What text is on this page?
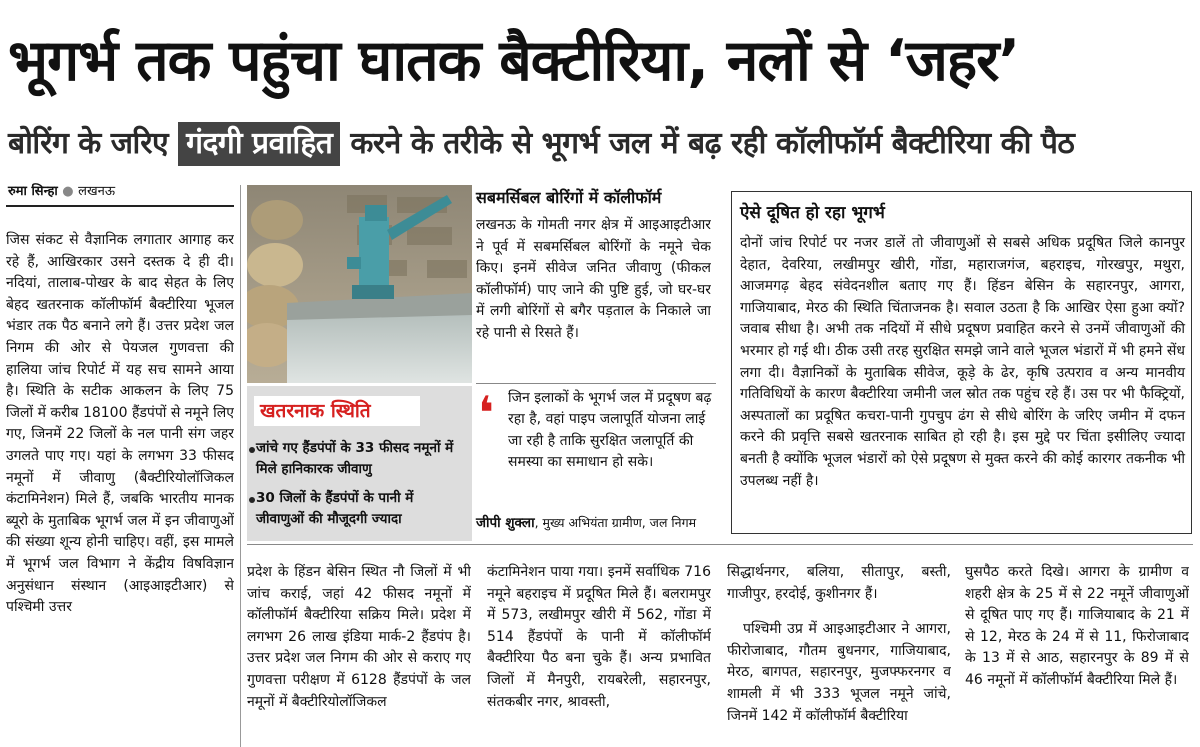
भूगर्भ तक पहुंचा घातक बैक्टीरिया, नलों से ‘जहर’
बोरिंग के जरिए गंदगी प्रवाहित करने के तरीके से भूगर्भ जल में बढ़ रही कॉलीफॉर्म बैक्टीरिया की पैठ
रुमा सिन्हा ● लखनऊ

जिस संकट से वैज्ञानिक लगातार आगाह कर रहे हैं, आखिरकार उसने दस्तक दे ही दी। नदियां, तालाब-पोखर के बाद सेहत के लिए बेहद खतरनाक कॉलीफॉर्म बैक्टीरिया भूजल भंडार तक पैठ बनाने लगे हैं। उत्तर प्रदेश जल निगम की ओर से पेयजल गुणवत्ता की हालिया जांच रिपोर्ट में यह सच सामने आया है। स्थिति के सटीक आकलन के लिए 75 जिलों में करीब 18100 हैंडपंपों से नमूने लिए गए, जिनमें 22 जिलों के नल पानी संग जहर उगलते पाए गए। यहां के लगभग 33 फीसद नमूनों में जीवाणु (बैक्टीरियोलॉजिकल कंटामिनेशन) मिले हैं, जबकि भारतीय मानक ब्यूरो के मुताबिक भूगर्भ जल में इन जीवाणुओं की संख्या शून्य होनी चाहिए। वहीं, इस मामले में भूगर्भ जल विभाग ने केंद्रीय विषविज्ञान अनुसंधान संस्थान (आइआइटीआर) से पश्चिमी उत्तर

खतरनाक स्थिति
जांचे गए हैंडपंपों के 33 फीसद नमूनों में मिले हानिकारक जीवाणु
30 जिलों के हैंडपंपों के पानी में जीवाणुओं की मौजूदगी ज्यादा
सबमर्सिबल बोरिंगों में कॉलीफॉर्म

लखनऊ के गोमती नगर क्षेत्र में आइआइटीआर ने पूर्व में सबमर्सिबल बोरिंगों के नमूने चेक किए। इनमें सीवेज जनित जीवाणु (फीकल कॉलीफॉर्म) पाए जाने की पुष्टि हुई, जो घर-घर में लगी बोरिंगों से बगैर पड़ताल के निकाले जा रहे पानी से रिसते हैं।

❛	जिन इलाकों के भूगर्भ जल में प्रदूषण बढ़ रहा है, वहां पाइप जलापूर्ति योजना लाई जा रही है ताकि सुरक्षित जलापूर्ति की समस्या का समाधान हो सके।
जीपी शुक्ला, मुख्य अभियंता ग्रामीण, जल निगम
ऐसे दूषित हो रहा भूगर्भ
दोनों जांच रिपोर्ट पर नजर डालें तो जीवाणुओं से सबसे अधिक प्रदूषित जिले कानपुर देहात, देवरिया, लखीमपुर खीरी, गोंडा, महाराजगंज, बहराइच, गोरखपुर, मथुरा, आजमगढ़ बेहद संवेदनशील बताए गए हैं। हिंडन बेसिन के सहारनपुर, आगरा, गाजियाबाद, मेरठ की स्थिति चिंताजनक है। सवाल उठता है कि आखिर ऐसा हुआ क्यों? जवाब सीधा है। अभी तक नदियों में सीधे प्रदूषण प्रवाहित करने से उनमें जीवाणुओं की भरमार हो गई थी। ठीक उसी तरह सुरक्षित समझे जाने वाले भूजल भंडारों में भी हमने सेंध लगा दी। वैज्ञानिकों के मुताबिक सीवेज, कूड़े के ढेर, कृषि उत्पराव व अन्य मानवीय गतिविधियों के कारण बैक्टीरिया जमीनी जल स्रोत तक पहुंच रहे हैं। उस पर भी फैक्ट्रियों, अस्पतालों का प्रदूषित कचरा-पानी गुपचुप ढंग से सीधे बोरिंग के जरिए जमीन में दफन करने की प्रवृत्ति सबसे खतरनाक साबित हो रही है। इस मुद्दे पर चिंता इसीलिए ज्यादा बनती है क्योंकि भूजल भंडारों को ऐसे प्रदूषण से मुक्त करने की कोई कारगर तकनीक भी उपलब्ध नहीं है।

प्रदेश के हिंडन बेसिन स्थित नौ जिलों में भी जांच कराई, जहां 42 फीसद नमूनों में कॉलीफॉर्म बैक्टीरिया सक्रिय मिले। प्रदेश में लगभग 26 लाख इंडिया मार्क-2 हैंडपंप है। उत्तर प्रदेश जल निगम की ओर से कराए गए गुणवत्ता परीक्षण में 6128 हैंडपंपों के जल नमूनों में बैक्टीरियोलॉजिकल

कंटामिनेशन पाया गया। इनमें सर्वाधिक 716 नमूने बहराइच में प्रदूषित मिले हैं। बलरामपुर में 573, लखीमपुर खीरी में 562, गोंडा में 514 हैंडपंपों के पानी में कॉलीफॉर्म बैक्टीरिया पैठ बना चुके हैं। अन्य प्रभावित जिलों में मैनपुरी, रायबरेली, सहारनपुर, संतकबीर नगर, श्रावस्ती,

सिद्धार्थनगर, बलिया, सीतापुर, बस्ती, गाजीपुर, हरदोई, कुशीनगर हैं।

पश्चिमी उप्र में आइआइटीआर ने आगरा, फीरोजाबाद, गौतम बुधनगर, गाजियाबाद, मेरठ, बागपत, सहारनपुर, मुजफ्फरनगर व शामली में भी 333 भूजल नमूने जांचे, जिनमें 142 में कॉलीफॉर्म बैक्टीरिया

घुसपैठ करते दिखे। आगरा के ग्रामीण व शहरी क्षेत्र के 25 में से 22 नमूनें जीवाणुओं से दूषित पाए गए हैं। गाजियाबाद के 21 में से 12, मेरठ के 24 में से 11, फिरोजाबाद के 13 में से आठ, सहारनपुर के 89 में से 46 नमूनों में कॉलीफॉर्म बैक्टीरिया मिले हैं।
